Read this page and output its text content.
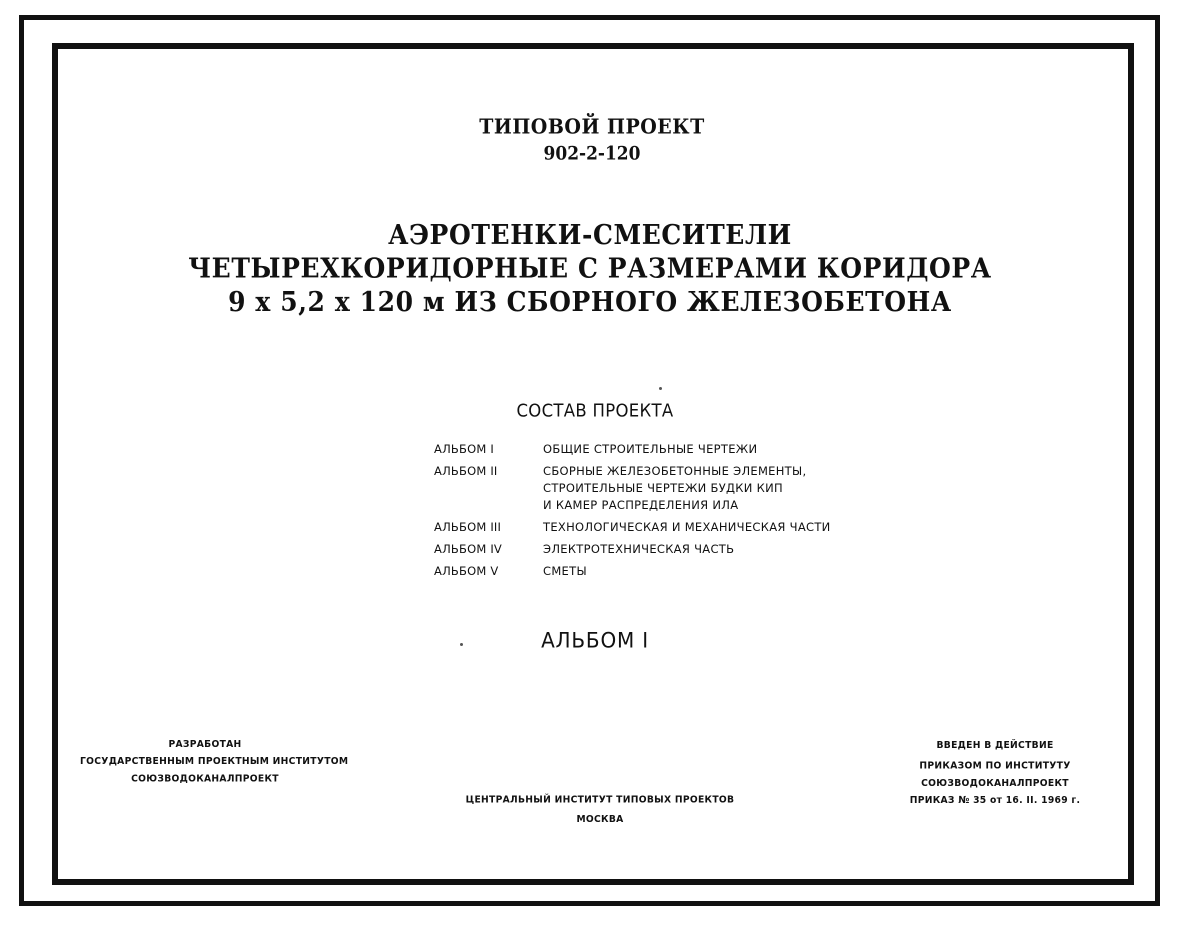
ТИПОВОЙ ПРОЕКТ
902-2-120
АЭРОТЕНКИ-СМЕСИТЕЛИ
ЧЕТЫРЕХКОРИДОРНЫЕ С РАЗМЕРАМИ КОРИДОРА
9 х 5,2 х 120 м ИЗ СБОРНОГО ЖЕЛЕЗОБЕТОНА
СОСТАВ ПРОЕКТА
АЛЬБОМ I	ОБЩИЕ СТРОИТЕЛЬНЫЕ ЧЕРТЕЖИ
АЛЬБОМ II	СБОРНЫЕ ЖЕЛЕЗОБЕТОННЫЕ ЭЛЕМЕНТЫ,
СТРОИТЕЛЬНЫЕ ЧЕРТЕЖИ БУДКИ КИП
И КАМЕР РАСПРЕДЕЛЕНИЯ ИЛА
АЛЬБОМ III	ТЕХНОЛОГИЧЕСКАЯ И МЕХАНИЧЕСКАЯ ЧАСТИ
АЛЬБОМ IV	ЭЛЕКТРОТЕХНИЧЕСКАЯ ЧАСТЬ
АЛЬБОМ V	СМЕТЫ
АЛЬБОМ I
РАЗРАБОТАН
ГОСУДАРСТВЕННЫМ ПРОЕКТНЫМ ИНСТИТУТОМ
СОЮЗВОДОКАНАЛПРОЕКТ
ЦЕНТРАЛЬНЫЙ ИНСТИТУТ ТИПОВЫХ ПРОЕКТОВ
МОСКВА
ВВЕДЕН В ДЕЙСТВИЕ
ПРИКАЗОМ ПО ИНСТИТУТУ
СОЮЗВОДОКАНАЛПРОЕКТ
ПРИКАЗ № 35 от 16. II. 1969 г.
